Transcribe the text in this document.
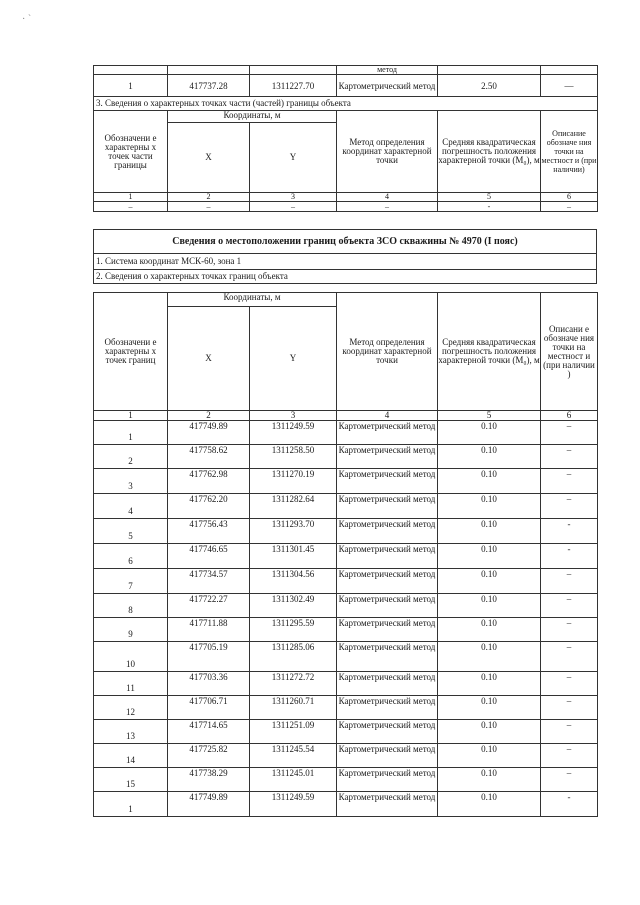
· ˋ
			метод		
1	417737.28	1311227.70	Картометрический метод	2.50	—
3. Сведения о характерных точках части (частей) границы объекта					
Обозначени е характерны х точек части границы	Координаты, м		Метод определения координат характерной точки	Средняя квадратическая погрешность положения характерной точки (M₀), м	Описание обозначе ния точки на местност и (при наличии)
	X	Y			
1	2	3	4	5	6
–	–	–	–	-	–
Сведения о местоположении границ объекта ЗСО скважины № 4970 (I пояс)
1. Система координат МСК-60, зона 1
2. Сведения о характерных точках границ объекта
Обозначени е характерны х точек границ	Координаты, м		Метод определения координат характерной точки	Средняя квадратическая погрешность положения характерной точки (M₀), м	Описани е обозначе ния точки на местност и (при наличии )
	X	Y			
1	2	3	4	5	6
1	417749.89	1311249.59	Картометрический метод	0.10	–
2	417758.62	1311258.50	Картометрический метод	0.10	–
3	417762.98	1311270.19	Картометрический метод	0.10	–
4	417762.20	1311282.64	Картометрический метод	0.10	–
5	417756.43	1311293.70	Картометрический метод	0.10	-
6	417746.65	1311301.45	Картометрический метод	0.10	-
7	417734.57	1311304.56	Картометрический метод	0.10	–
8	417722.27	1311302.49	Картометрический метод	0.10	–
9	417711.88	1311295.59	Картометрический метод	0.10	–
10	417705.19	1311285.06	Картометрический метод	0.10	–
11	417703.36	1311272.72	Картометрический метод	0.10	–
12	417706.71	1311260.71	Картометрический метод	0.10	–
13	417714.65	1311251.09	Картометрический метод	0.10	–
14	417725.82	1311245.54	Картометрический метод	0.10	–
15	417738.29	1311245.01	Картометрический метод	0.10	–
1	417749.89	1311249.59	Картометрический метод	0.10	-
